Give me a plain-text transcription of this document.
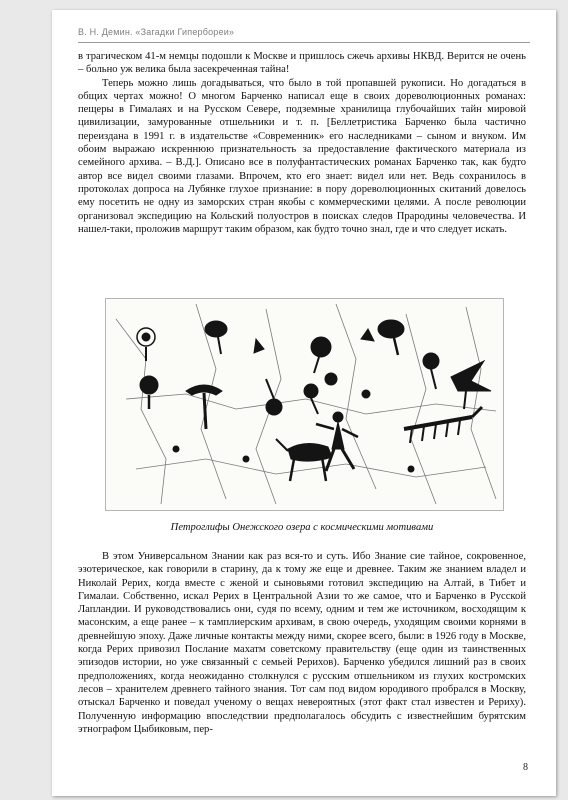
В. Н. Демин. «Загадки Гипербореи»

в трагическом 41-м немцы подошли к Москве и пришлось сжечь архивы НКВД. Верится не очень – больно уж велика была засекреченная тайна!

Теперь можно лишь догадываться, что было в той пропавшей рукописи. Но догадаться в общих чертах можно! О многом Барченко написал еще в своих дореволюционных романах: пещеры в Гималаях и на Русском Севере, подземные хранилища глубочайших тайн мировой цивилизации, замурованные отшельники и т. п. [Беллетристика Барченко была частично переиздана в 1991 г. в издательстве «Современник» его наследниками – сыном и внуком. Им обоим выражаю искреннюю признательность за предоставление фактического материала из семейного архива. – В.Д.]. Описано все в полуфантастических романах Барченко так, как будто автор все видел своими глазами. Впрочем, кто его знает: видел или нет. Ведь сохранилось в протоколах допроса на Лубянке глухое признание: в пору дореволюционных скитаний довелось ему посетить не одну из заморских стран якобы с коммерческими целями. А после революции организовал экспедицию на Кольский полуостров в поисках следов Прародины человечества. И нашел-таки, проложив маршрут таким образом, как будто точно знал, где и что следует искать.

Петроглифы Онежского озера с космическими мотивами

В этом Универсальном Знании как раз вся-то и суть. Ибо Знание сие тайное, сокровенное, эзотерическое, как говорили в старину, да к тому же еще и древнее. Таким же знанием владел и Николай Рерих, когда вместе с женой и сыновьями готовил экспедицию на Алтай, в Тибет и Гималаи. Собственно, искал Рерих в Центральной Азии то же самое, что и Барченко в Русской Лапландии. И руководствовались они, судя по всему, одним и тем же источником, восходящим к масонским, а еще ранее – к тамплиерским архивам, в свою очередь, уходящим своими корнями в древнейшую эпоху. Даже личные контакты между ними, скорее всего, были: в 1926 году в Москве, когда Рерих привозил Послание махатм советскому правительству (еще один из таинственных эпизодов истории, но уже связанный с семьей Рерихов). Барченко убедился лишний раз в своих предположениях, когда неожиданно столкнулся с русским отшельником из глухих костромских лесов – хранителем древнего тайного знания. Тот сам под видом юродивого пробрался в Москву, отыскал Барченко и поведал ученому о вещах невероятных (этот факт стал известен и Рериху). Полученную информацию впоследствии предполагалось обсудить с известнейшим бурятским этнографом Цыбиковым, пер-

8
